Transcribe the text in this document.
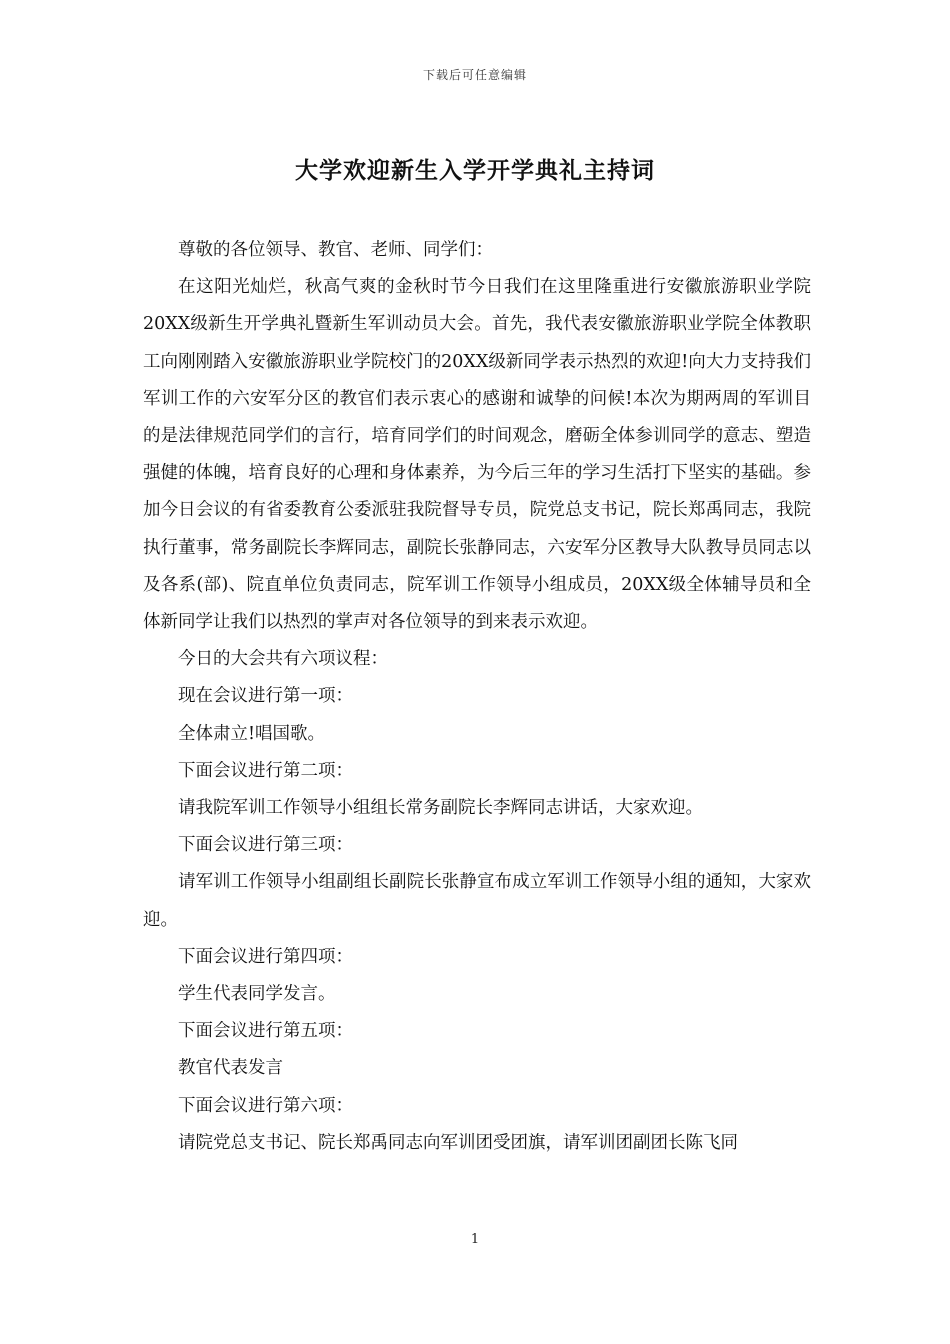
下载后可任意编辑
大学欢迎新生入学开学典礼主持词

尊敬的各位领导、教官、老师、同学们：

在这阳光灿烂，秋高气爽的金秋时节今日我们在这里隆重进行安徽旅游职业学院20XX级新生开学典礼暨新生军训动员大会。首先，我代表安徽旅游职业学院全体教职工向刚刚踏入安徽旅游职业学院校门的20XX级新同学表示热烈的欢迎!向大力支持我们军训工作的六安军分区的教官们表示衷心的感谢和诚挚的问候!本次为期两周的军训目的是法律规范同学们的言行，培育同学们的时间观念，磨砺全体参训同学的意志、塑造强健的体魄，培育良好的心理和身体素养，为今后三年的学习生活打下坚实的基础。参加今日会议的有省委教育公委派驻我院督导专员，院党总支书记，院长郑禹同志，我院执行董事，常务副院长李辉同志，副院长张静同志，六安军分区教导大队教导员同志以及各系(部)、院直单位负责同志，院军训工作领导小组成员，20XX级全体辅导员和全体新同学让我们以热烈的掌声对各位领导的到来表示欢迎。

今日的大会共有六项议程：

现在会议进行第一项：

全体肃立!唱国歌。

下面会议进行第二项：

请我院军训工作领导小组组长常务副院长李辉同志讲话，大家欢迎。

下面会议进行第三项：

请军训工作领导小组副组长副院长张静宣布成立军训工作领导小组的通知，大家欢迎。

下面会议进行第四项：

学生代表同学发言。

下面会议进行第五项：

教官代表发言

下面会议进行第六项：

请院党总支书记、院长郑禹同志向军训团受团旗，请军训团副团长陈飞同

1
